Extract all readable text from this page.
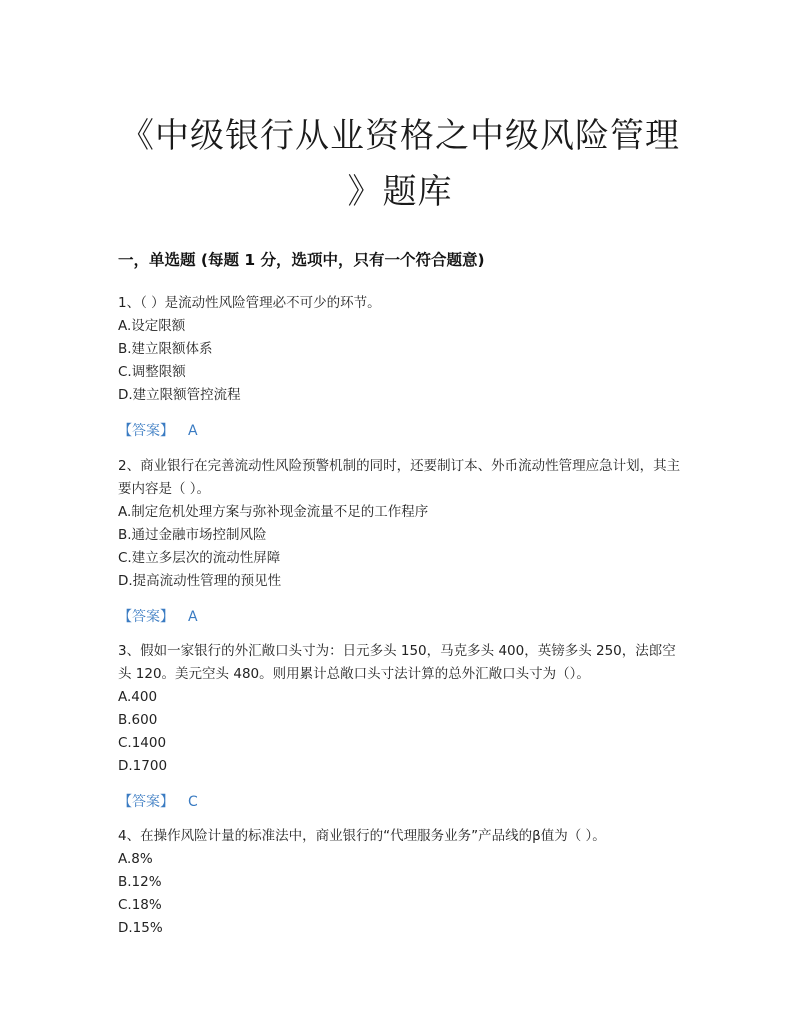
《中级银行从业资格之中级风险管理
》题库
一，单选题 (每题 1 分，选项中，只有一个符合题意)

1、（ ）是流动性风险管理必不可少的环节。

A.设定限额

B.建立限额体系

C.调整限额

D.建立限额管控流程

【答案】 A

2、商业银行在完善流动性风险预警机制的同时，还要制订本、外币流动性管理应急计划，其主要内容是（ ）。

A.制定危机处理方案与弥补现金流量不足的工作程序

B.通过金融市场控制风险

C.建立多层次的流动性屏障

D.提高流动性管理的预见性

【答案】 A

3、假如一家银行的外汇敞口头寸为：日元多头 150，马克多头 400，英镑多头 250，法郎空头 120。美元空头 480。则用累计总敞口头寸法计算的总外汇敞口头寸为（）。

A.400

B.600

C.1400

D.1700

【答案】 C

4、在操作风险计量的标准法中，商业银行的“代理服务业务”产品线的β值为（ ）。

A.8%

B.12%

C.18%

D.15%
